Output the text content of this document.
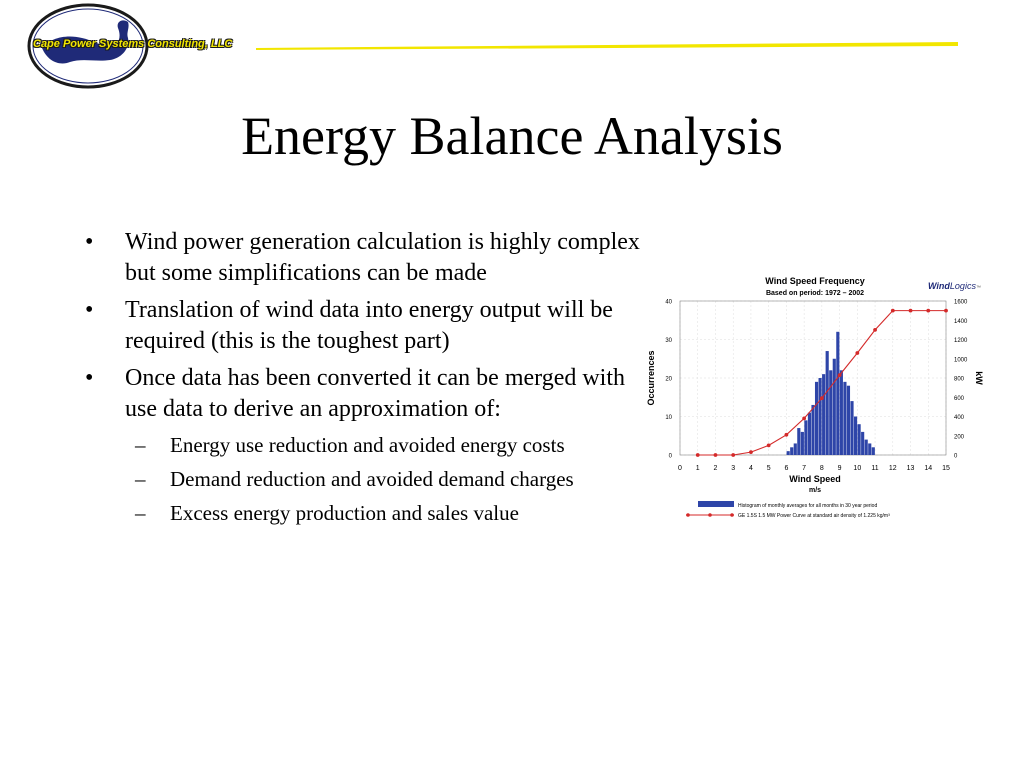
Cape Power Systems Consulting, LLC
Energy Balance Analysis
• Wind power generation calculation is highly complex but some simplifications can be made
• Translation of wind data into energy output will be required (this is the toughest part)
• Once data has been converted it can be merged with use data to derive an approximation of:
– Energy use reduction and avoided energy costs
– Demand reduction and avoided demand charges
– Excess energy production and sales value
Wind Speed Frequency
Based on period: 1972 – 2002
WindLogics™
0 1 2 3 4 5 6 7 8 9 10 11 12 13 14 15
0
10
20
30
40
0
200
400
600
800
1000
1200
1400
1600
Wind Speed
m/s
Occurrences	kW
Histogram of monthly averages for all months in 30 year period
GE 1.5S 1.5 MW Power Curve at standard air density of 1.225 kg/m³
